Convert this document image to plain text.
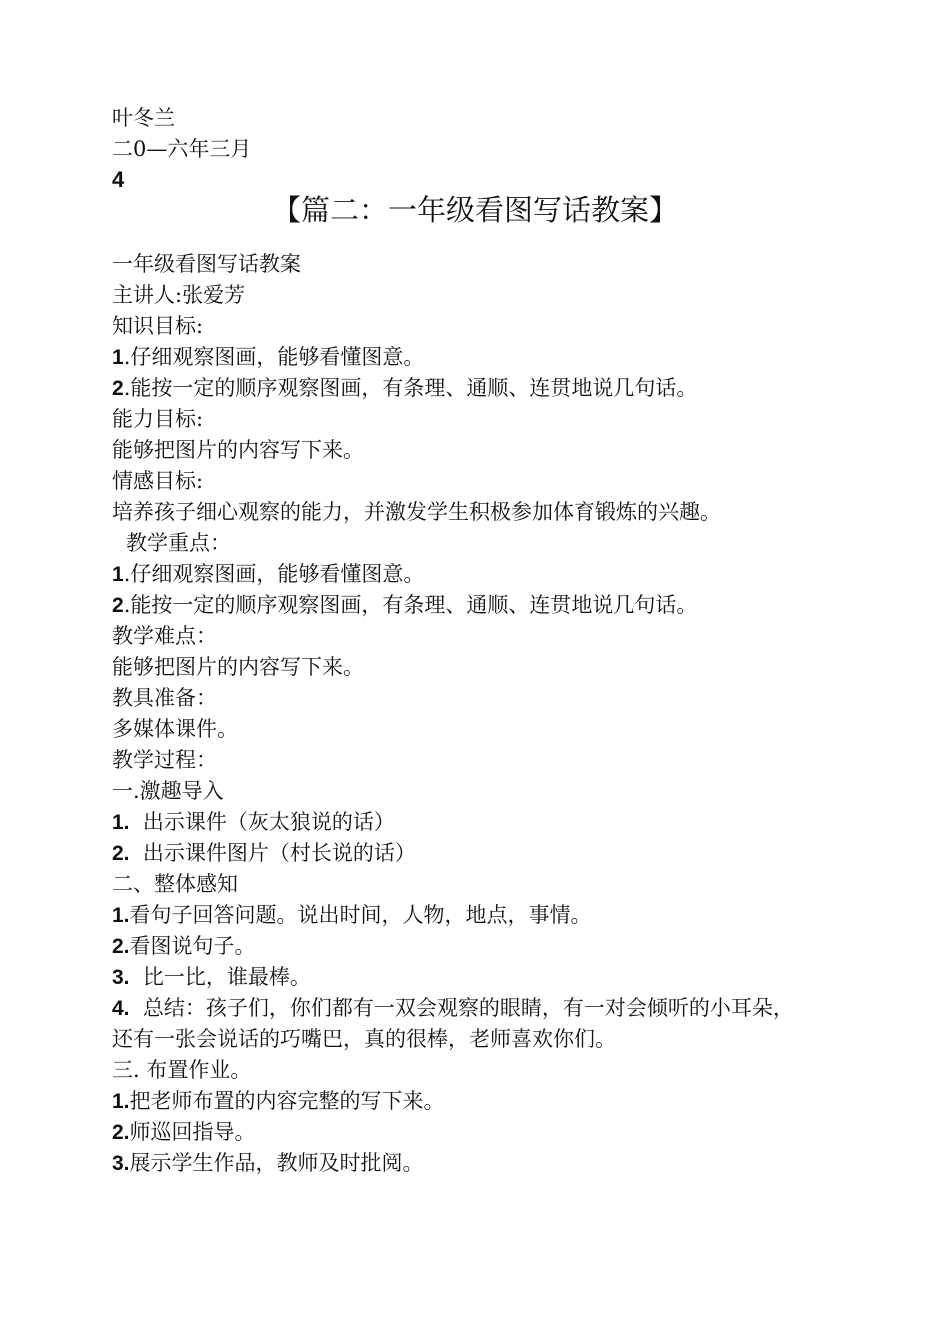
叶冬兰
二0—六年三月
4
【篇二：一年级看图写话教案】
一年级看图写话教案
主讲人:张爱芳
知识目标:
1.仔细观察图画，能够看懂图意。
2.能按一定的顺序观察图画，有条理、通顺、连贯地说几句话。
能力目标:
能够把图片的内容写下来。
情感目标:
培养孩子细心观察的能力，并激发学生积极参加体育锻炼的兴趣。
教学重点：
1.仔细观察图画，能够看懂图意。
2.能按一定的顺序观察图画，有条理、通顺、连贯地说几句话。
教学难点：
能够把图片的内容写下来。
教具准备：
多媒体课件。
教学过程：
一.激趣导入
1. 出示课件（灰太狼说的话）
2. 出示课件图片（村长说的话）
二、整体感知
1.看句子回答问题。说出时间，人物，地点，事情。
2.看图说句子。
3. 比一比，谁最棒。
4. 总结：孩子们，你们都有一双会观察的眼睛，有一对会倾听的小耳朵，
还有一张会说话的巧嘴巴，真的很棒，老师喜欢你们。
三. 布置作业。
1.把老师布置的内容完整的写下来。
2.师巡回指导。
3.展示学生作品，教师及时批阅。
